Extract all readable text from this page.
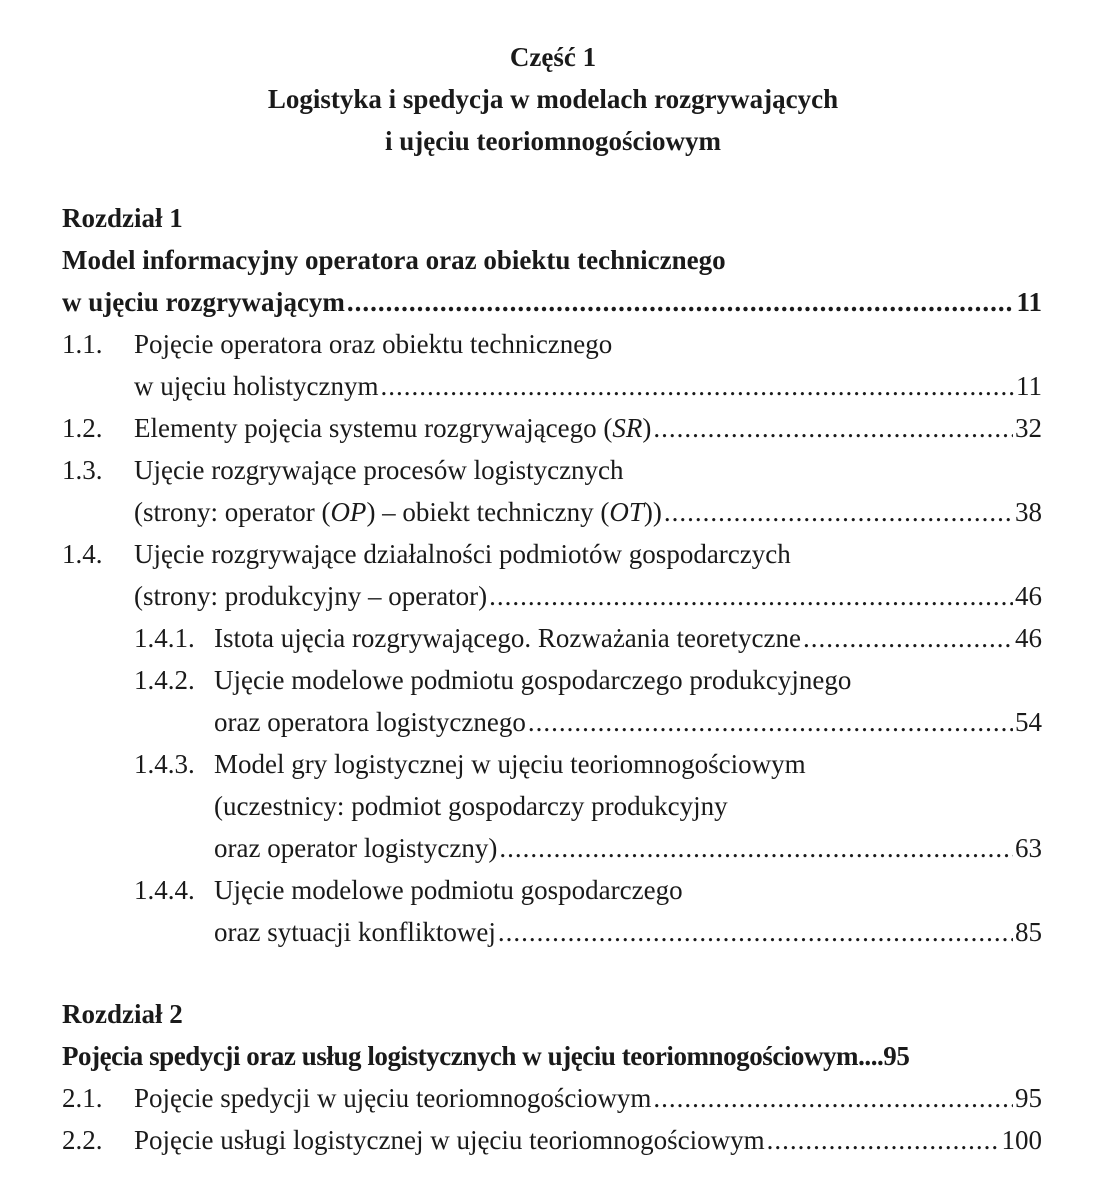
Część 1
Logistyka i spedycja w modelach rozgrywających
i ujęciu teoriomnogościowym
Rozdział 1
Model informacyjny operatora oraz obiektu technicznego
w ujęciu rozgrywającym .....	11
1.1. Pojęcie operatora oraz obiektu technicznego
w ujęciu holistycznym .....	11
1.2. Elementy pojęcia systemu rozgrywającego (SR) .....	32
1.3. Ujęcie rozgrywające procesów logistycznych
(strony: operator (OP) – obiekt techniczny (OT)) .....	38
1.4. Ujęcie rozgrywające działalności podmiotów gospodarczych
(strony: produkcyjny – operator) .....	46
1.4.1. Istota ujęcia rozgrywającego. Rozważania teoretyczne .....	46
1.4.2. Ujęcie modelowe podmiotu gospodarczego produkcyjnego
oraz operatora logistycznego .....	54
1.4.3. Model gry logistycznej w ujęciu teoriomnogościowym
(uczestnicy: podmiot gospodarczy produkcyjny
oraz operator logistyczny) .....	63
1.4.4. Ujęcie modelowe podmiotu gospodarczego
oraz sytuacji konfliktowej .....	85
Rozdział 2
Pojęcia spedycji oraz usług logistycznych w ujęciu teoriomnogościowym....95
2.1. Pojęcie spedycji w ujęciu teoriomnogościowym .....	95
2.2. Pojęcie usługi logistycznej w ujęciu teoriomnogościowym .....	100
